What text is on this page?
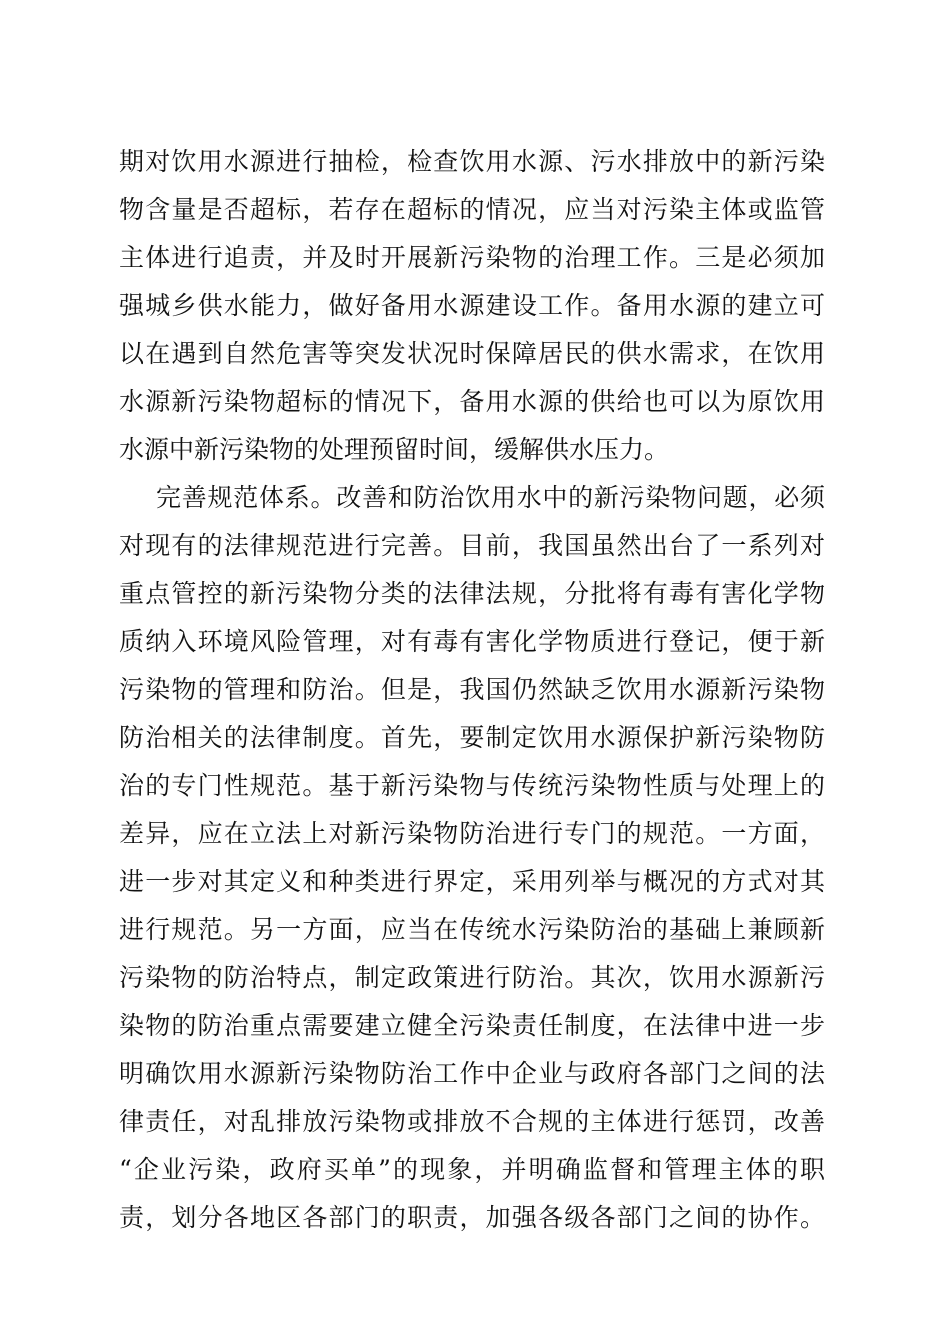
期对饮用水源进行抽检，检查饮用水源、污水排放中的新污染
物含量是否超标，若存在超标的情况，应当对污染主体或监管
主体进行追责，并及时开展新污染物的治理工作。三是必须加
强城乡供水能力，做好备用水源建设工作。备用水源的建立可
以在遇到自然危害等突发状况时保障居民的供水需求，在饮用
水源新污染物超标的情况下，备用水源的供给也可以为原饮用
水源中新污染物的处理预留时间，缓解供水压力。
完善规范体系。改善和防治饮用水中的新污染物问题，必须
对现有的法律规范进行完善。目前，我国虽然出台了一系列对
重点管控的新污染物分类的法律法规，分批将有毒有害化学物
质纳入环境风险管理，对有毒有害化学物质进行登记，便于新
污染物的管理和防治。但是，我国仍然缺乏饮用水源新污染物
防治相关的法律制度。首先，要制定饮用水源保护新污染物防
治的专门性规范。基于新污染物与传统污染物性质与处理上的
差异，应在立法上对新污染物防治进行专门的规范。一方面，
进一步对其定义和种类进行界定，采用列举与概况的方式对其
进行规范。另一方面，应当在传统水污染防治的基础上兼顾新
污染物的防治特点，制定政策进行防治。其次，饮用水源新污
染物的防治重点需要建立健全污染责任制度，在法律中进一步
明确饮用水源新污染物防治工作中企业与政府各部门之间的法
律责任，对乱排放污染物或排放不合规的主体进行惩罚，改善
“企业污染，政府买单”的现象，并明确监督和管理主体的职
责，划分各地区各部门的职责，加强各级各部门之间的协作。
